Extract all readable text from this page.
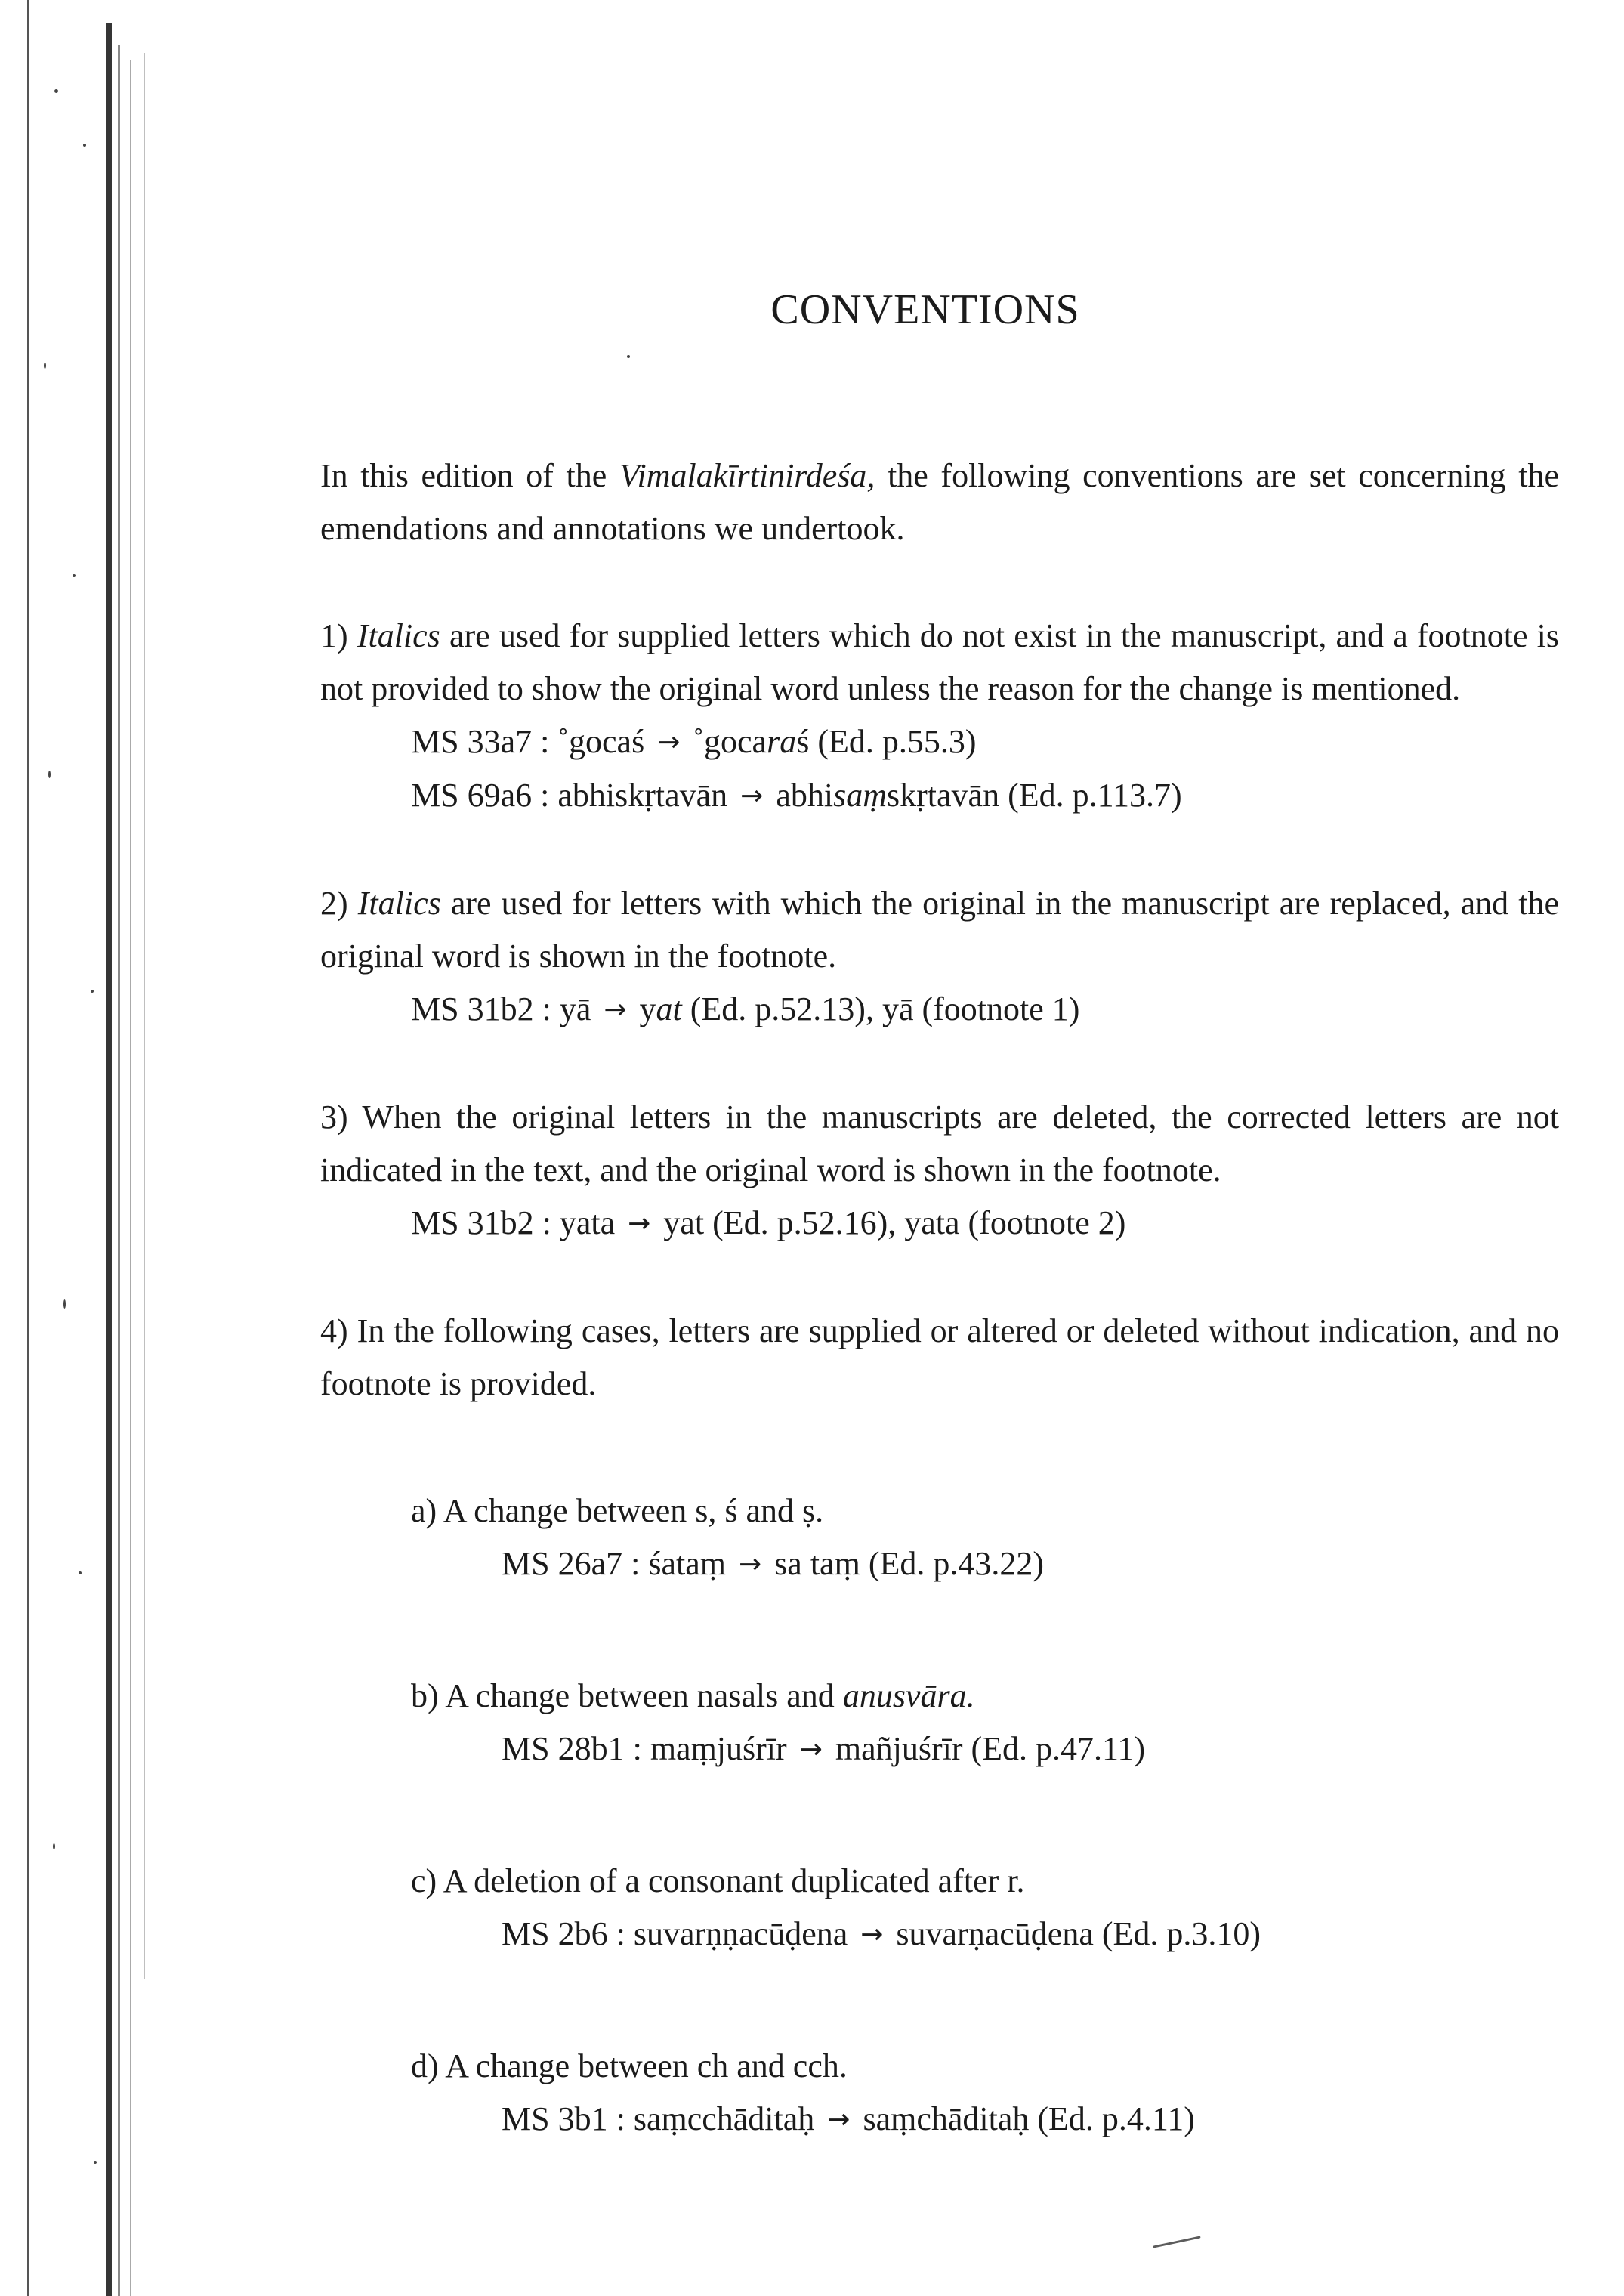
CONVENTIONS

In this edition of the Vimalakīrtinirdeśa, the following conventions are set concerning the emendations and annotations we undertook.

1) Italics are used for supplied letters which do not exist in the manuscript, and a footnote is not provided to show the original word unless the reason for the change is mentioned.

MS 33a7 : ˚gocaś → ˚gocaraś (Ed. p.55.3)

MS 69a6 : abhiskṛtavān → abhisaṃskṛtavān (Ed. p.113.7)

2) Italics are used for letters with which the original in the manuscript are replaced, and the original word is shown in the footnote.

MS 31b2 : yā → yat (Ed. p.52.13), yā (footnote 1)

3) When the original letters in the manuscripts are deleted, the corrected letters are not indicated in the text, and the original word is shown in the footnote.

MS 31b2 : yata → yat (Ed. p.52.16), yata (footnote 2)

4) In the following cases, letters are supplied or altered or deleted without indication, and no footnote is provided.

a) A change between s, ś and ṣ.

MS 26a7 : śataṃ → sa taṃ (Ed. p.43.22)

b) A change between nasals and anusvāra.

MS 28b1 : maṃjuśrīr → mañjuśrīr (Ed. p.47.11)

c) A deletion of a consonant duplicated after r.

MS 2b6 : suvarṇṇacūḍena → suvarṇacūḍena (Ed. p.3.10)

d) A change between ch and cch.

MS 3b1 : saṃcchāditaḥ → saṃchāditaḥ (Ed. p.4.11)
